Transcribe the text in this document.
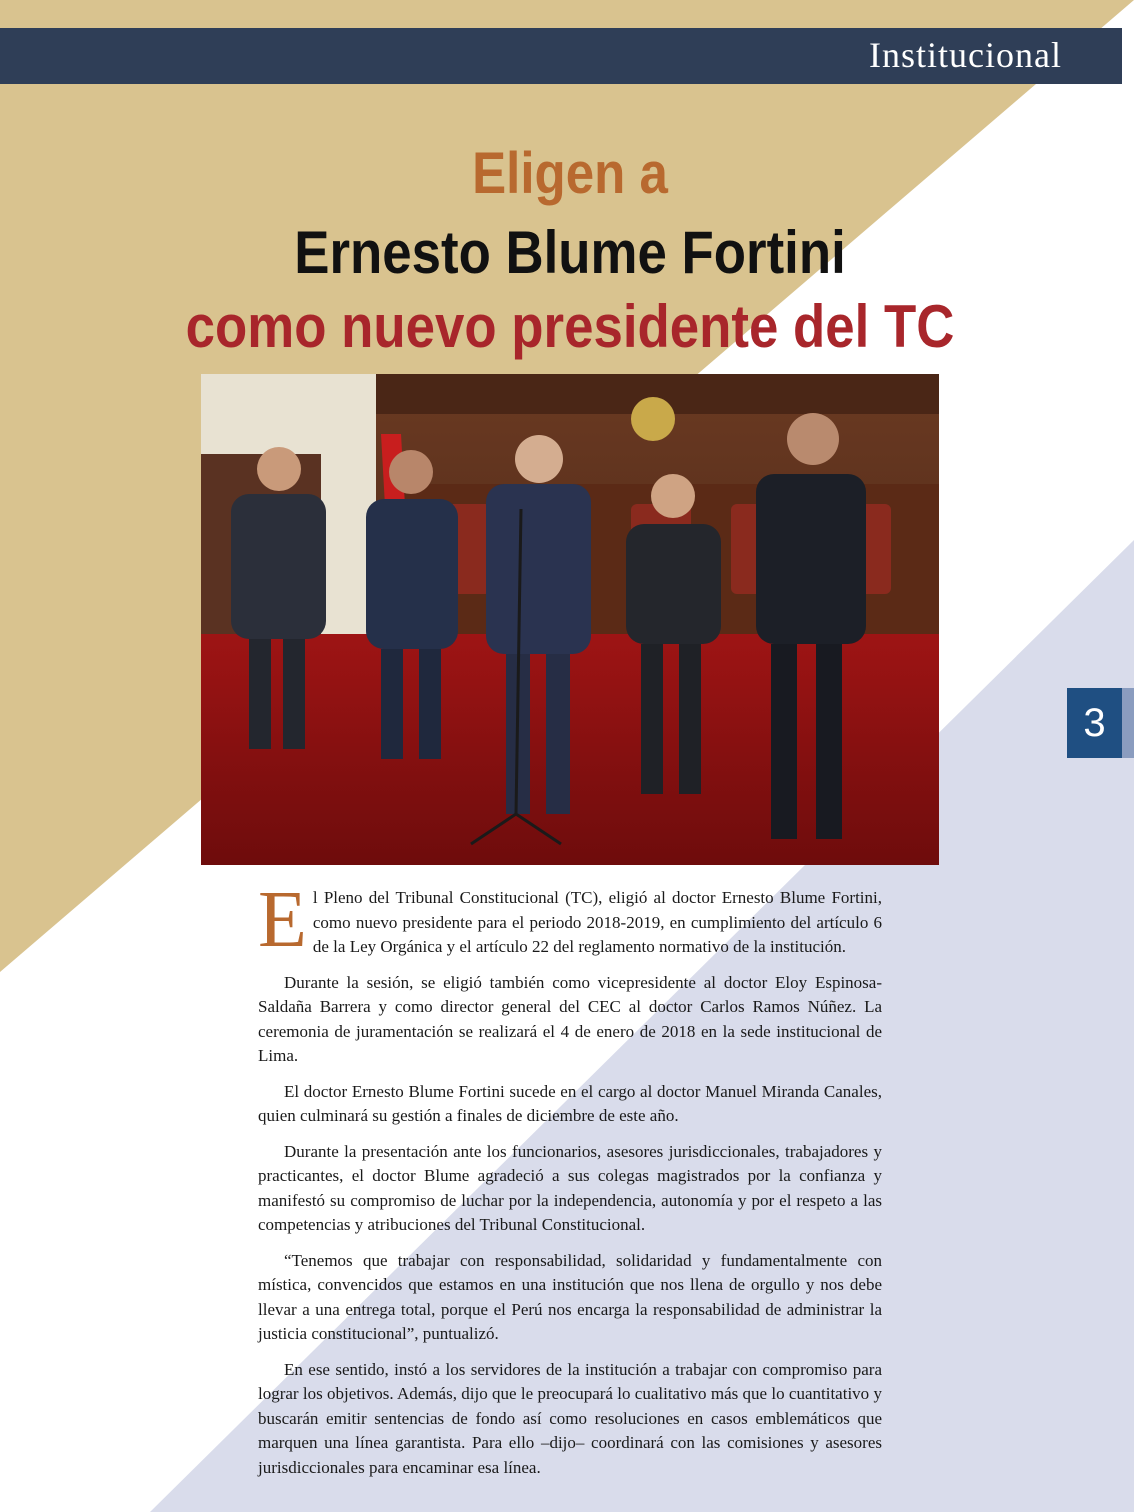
Institucional
3
Eligen a
Ernesto Blume Fortini
como nuevo presidente del TC

El Pleno del Tribunal Constitucional (TC), eligió al doctor Ernesto Blume Fortini, como nuevo presidente para el periodo 2018-2019, en cumplimiento del artículo 6 de la Ley Orgánica y el artículo 22 del reglamento normativo de la institución.

Durante la sesión, se eligió también como vicepresidente al doctor Eloy Espinosa-Saldaña Barrera y como director general del CEC al doctor Carlos Ramos Núñez. La ceremonia de juramentación se realizará el 4 de enero de 2018 en la sede institucional de Lima.

El doctor Ernesto Blume Fortini sucede en el cargo al doctor Manuel Miranda Canales, quien culminará su gestión a finales de diciembre de este año.

Durante la presentación ante los funcionarios, asesores jurisdiccionales, trabajadores y practicantes, el doctor Blume agradeció a sus colegas magistrados por la confianza y manifestó su compromiso de luchar por la independencia, autonomía y por el respeto a las competencias y atribuciones del Tribunal Constitucional.

“Tenemos que trabajar con responsabilidad, solidaridad y fundamentalmente con mística, convencidos que estamos en una institución que nos llena de orgullo y nos debe llevar a una entrega total, porque el Perú nos encarga la responsabilidad de administrar la justicia constitucional”, puntualizó.

En ese sentido, instó a los servidores de la institución a trabajar con compromiso para lograr los objetivos. Además, dijo que le preocupará lo cualitativo más que lo cuantitativo y buscarán emitir sentencias de fondo así como resoluciones en casos emblemáticos que marquen una línea garantista. Para ello –dijo– coordinará con las comisiones y asesores jurisdiccionales para encaminar esa línea.
